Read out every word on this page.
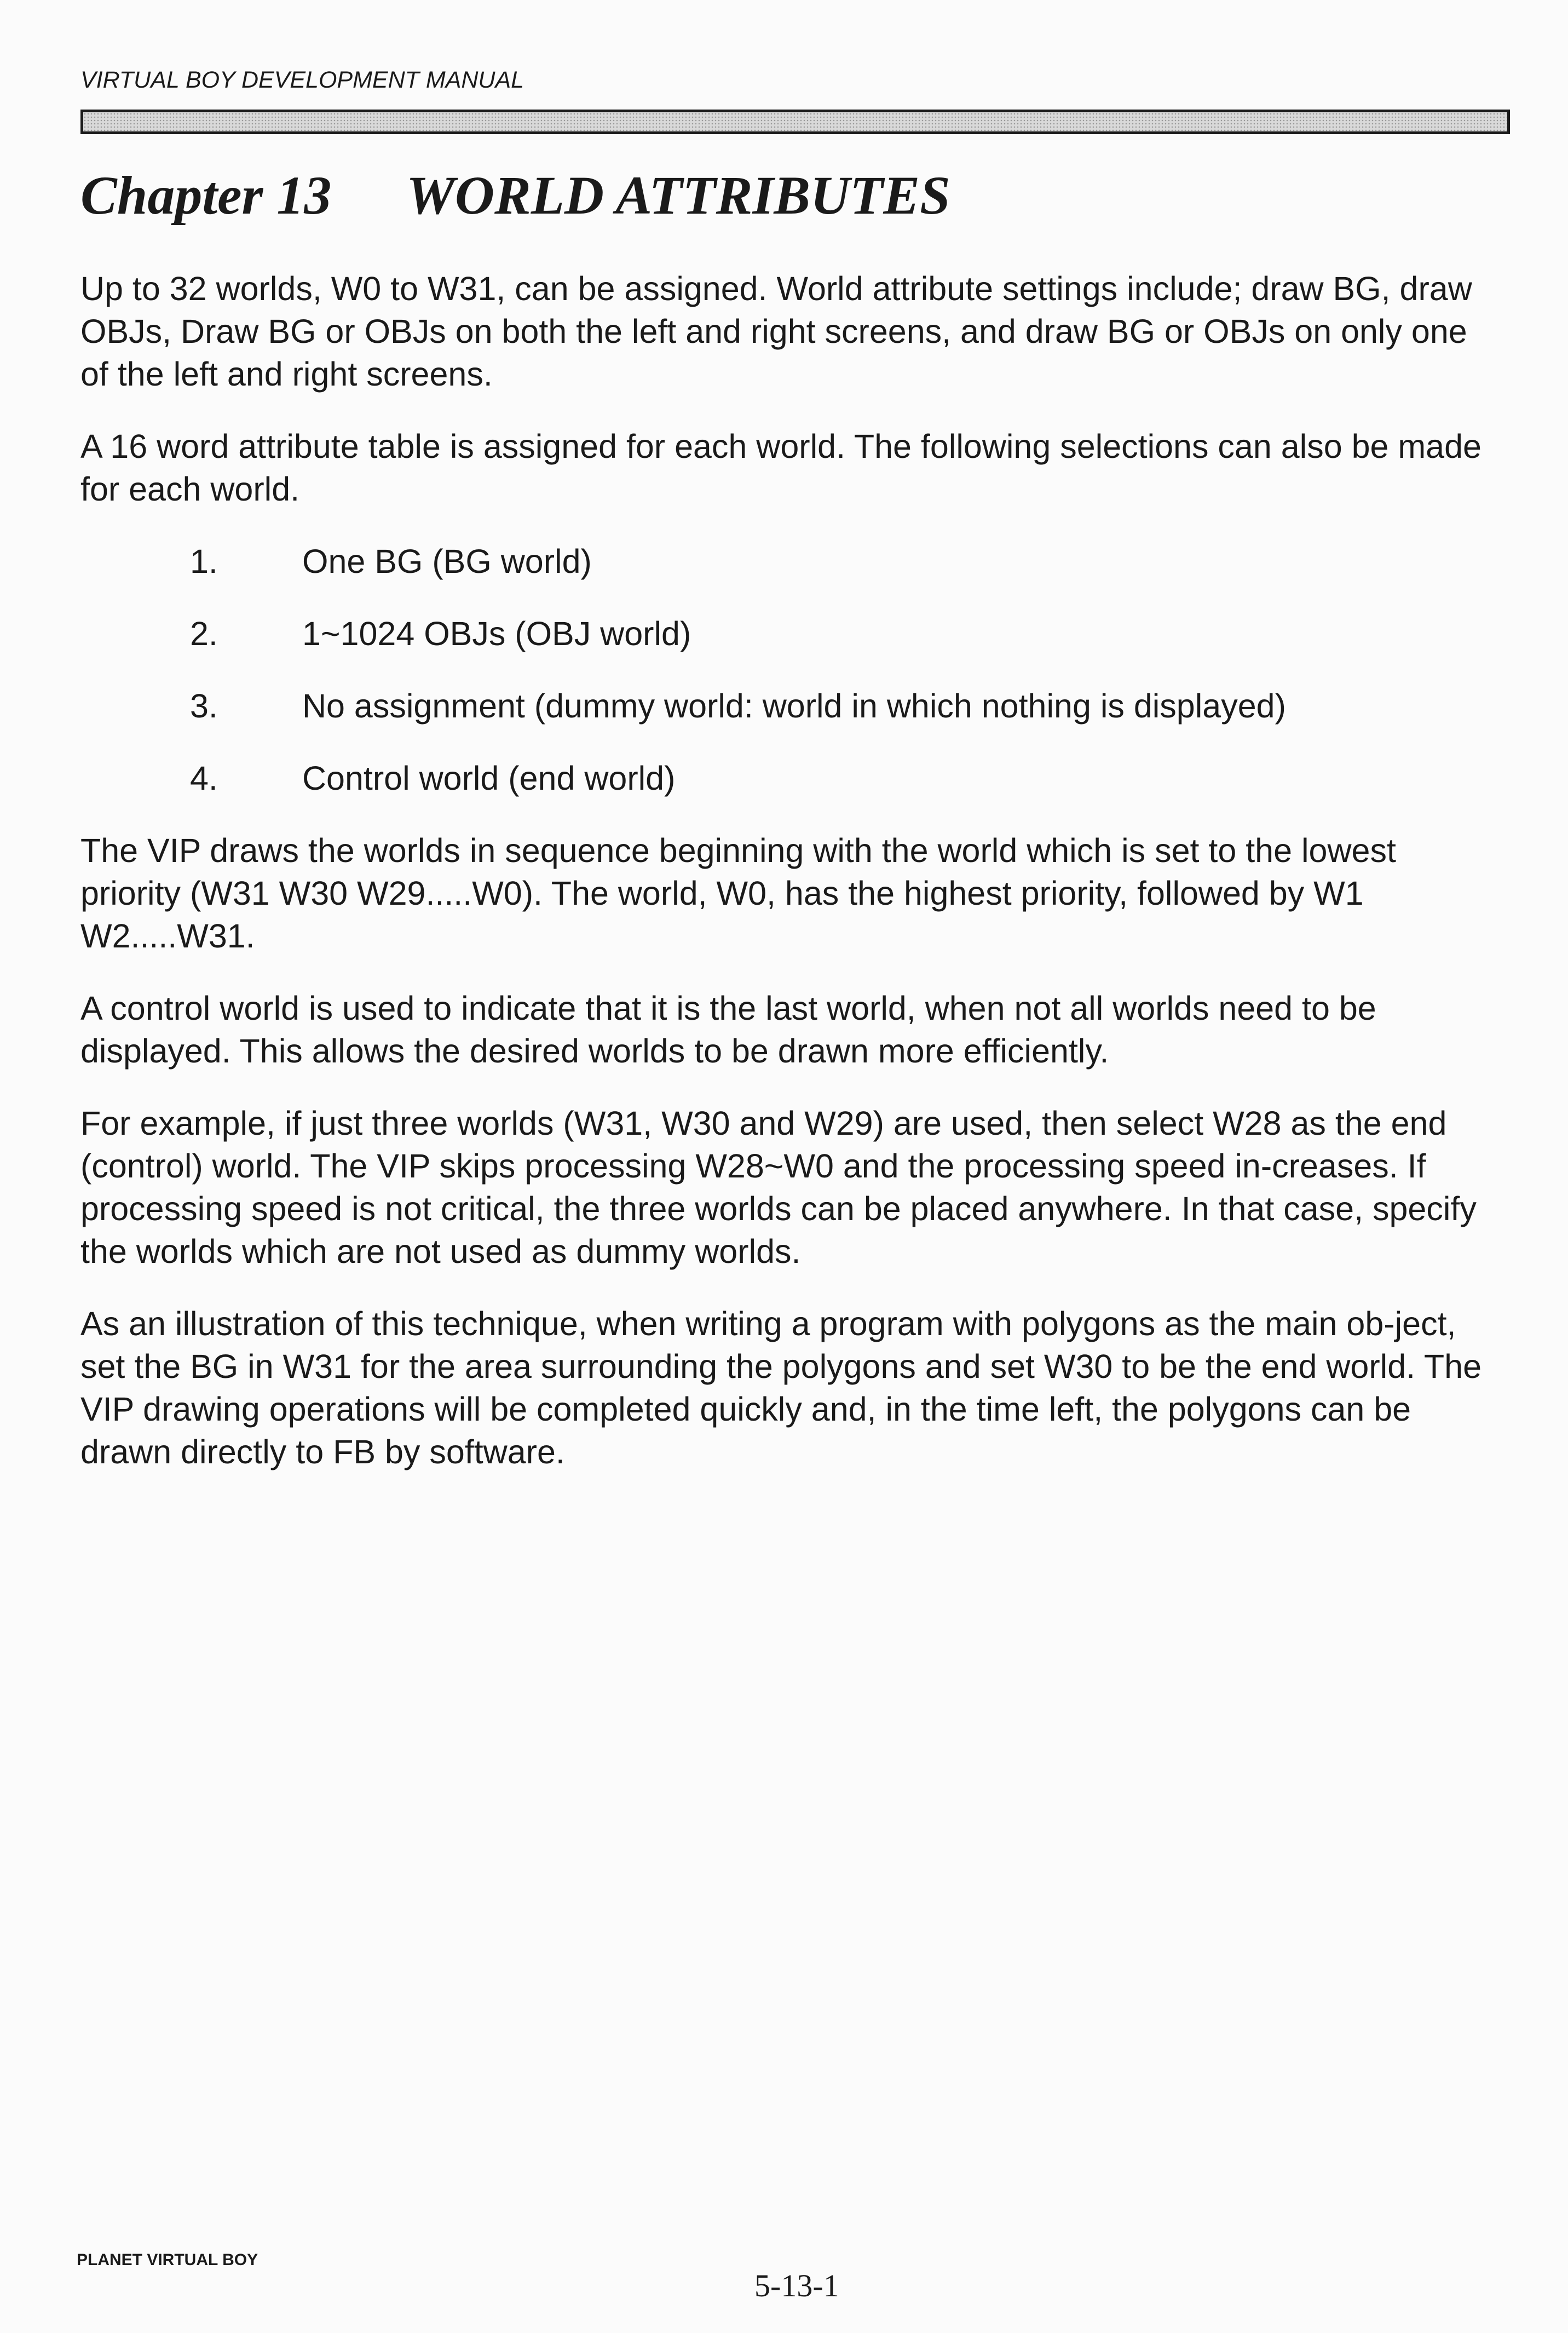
VIRTUAL BOY DEVELOPMENT MANUAL
Chapter 13 WORLD ATTRIBUTES

Up to 32 worlds, W0 to W31, can be assigned. World attribute settings include; draw BG, draw OBJs, Draw BG or OBJs on both the left and right screens, and draw BG or OBJs on only one of the left and right screens.

A 16 word attribute table is assigned for each world. The following selections can also be made for each world.

1.	One BG (BG world)
2.	1~1024 OBJs (OBJ world)
3.	No assignment (dummy world: world in which nothing is displayed)
4.	Control world (end world)

The VIP draws the worlds in sequence beginning with the world which is set to the lowest priority (W31 W30 W29.....W0). The world, W0, has the highest priority, followed by W1 W2.....W31.

A control world is used to indicate that it is the last world, when not all worlds need to be displayed. This allows the desired worlds to be drawn more efficiently.

For example, if just three worlds (W31, W30 and W29) are used, then select W28 as the end (control) world. The VIP skips processing W28~W0 and the processing speed in-creases. If processing speed is not critical, the three worlds can be placed anywhere. In that case, specify the worlds which are not used as dummy worlds.

As an illustration of this technique, when writing a program with polygons as the main ob-ject, set the BG in W31 for the area surrounding the polygons and set W30 to be the end world. The VIP drawing operations will be completed quickly and, in the time left, the polygons can be drawn directly to FB by software.

PLANET VIRTUAL BOY
5-13-1
